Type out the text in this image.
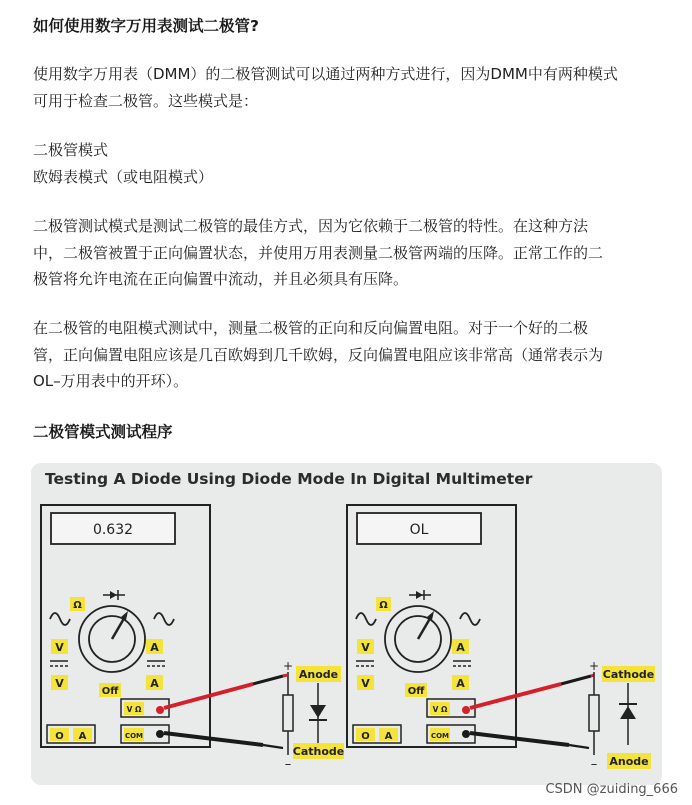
如何使用数字万用表测试二极管?

使用数字万用表（DMM）的二极管测试可以通过两种方式进行，因为DMM中有两种模式
可用于检查二极管。这些模式是：

二极管模式
欧姆表模式（或电阻模式）

二极管测试模式是测试二极管的最佳方式，因为它依赖于二极管的特性。在这种方法
中，二极管被置于正向偏置状态，并使用万用表测量二极管两端的压降。正常工作的二
极管将允许电流在正向偏置中流动，并且必须具有压降。

在二极管的电阻模式测试中，测量二极管的正向和反向偏置电阻。对于一个好的二极
管，正向偏置电阻应该是几百欧姆到几千欧姆，反向偏置电阻应该非常高（通常表示为
OL–万用表中的开环）。

二极管模式测试程序
Testing A Diode Using Diode Mode In Digital Multimeter
0.632
Ω
V
V
A
A
Off
V Ω
COM
O A
+
–
Anode
Cathode
OL
Ω
V
V
A
A
Off
V Ω
COM
O A
+
–
Cathode
Anode
CSDN @zuiding_666
